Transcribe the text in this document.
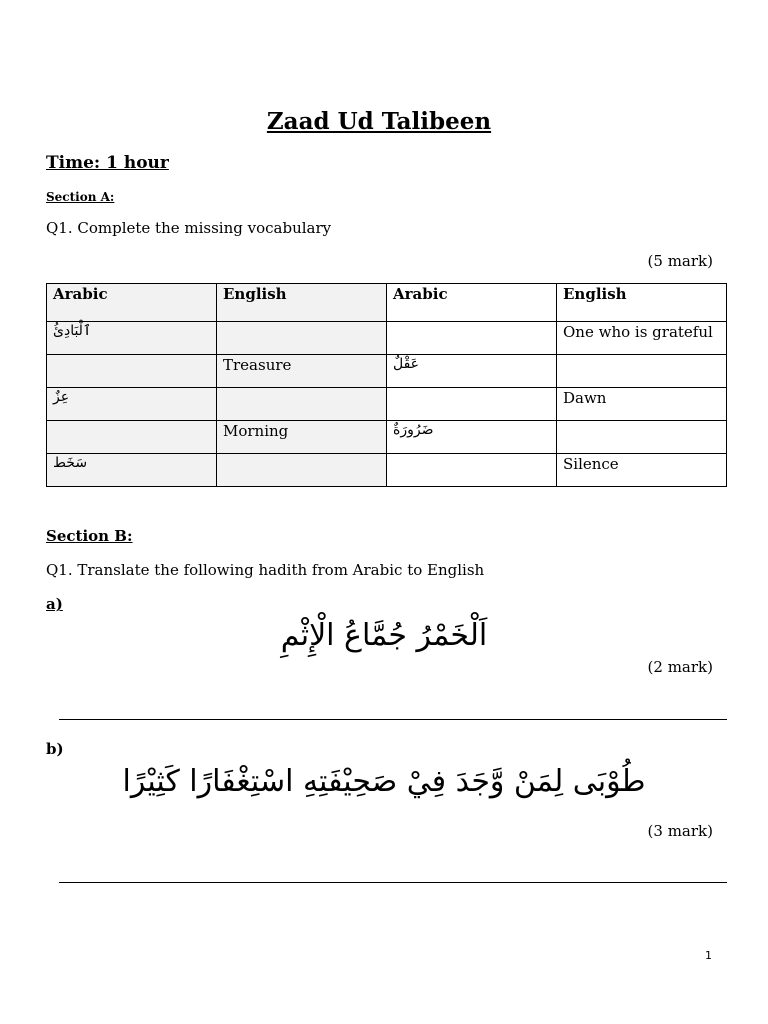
Zaad Ud Talibeen
Time: 1 hour
Section A:
Q1. Complete the missing vocabulary
(5 mark)
Arabic	English	Arabic	English
ٱلْبَادِئُ			One who is grateful
	Treasure	عَقْلٌ	
عِزٌ			Dawn
	Morning	ضَرُورَةٌ	
سَخَط			Silence
Section B:
Q1. Translate the following hadith from Arabic to English
a)
اَلْخَمْرُ جُمَّاعُ الْإِثْمِ
(2 mark)
b)
طُوْبَى لِمَنْ وَّجَدَ فِيْ صَحِيْفَتِهِ اسْتِغْفَارًا كَثِيْرًا
(3 mark)
1
